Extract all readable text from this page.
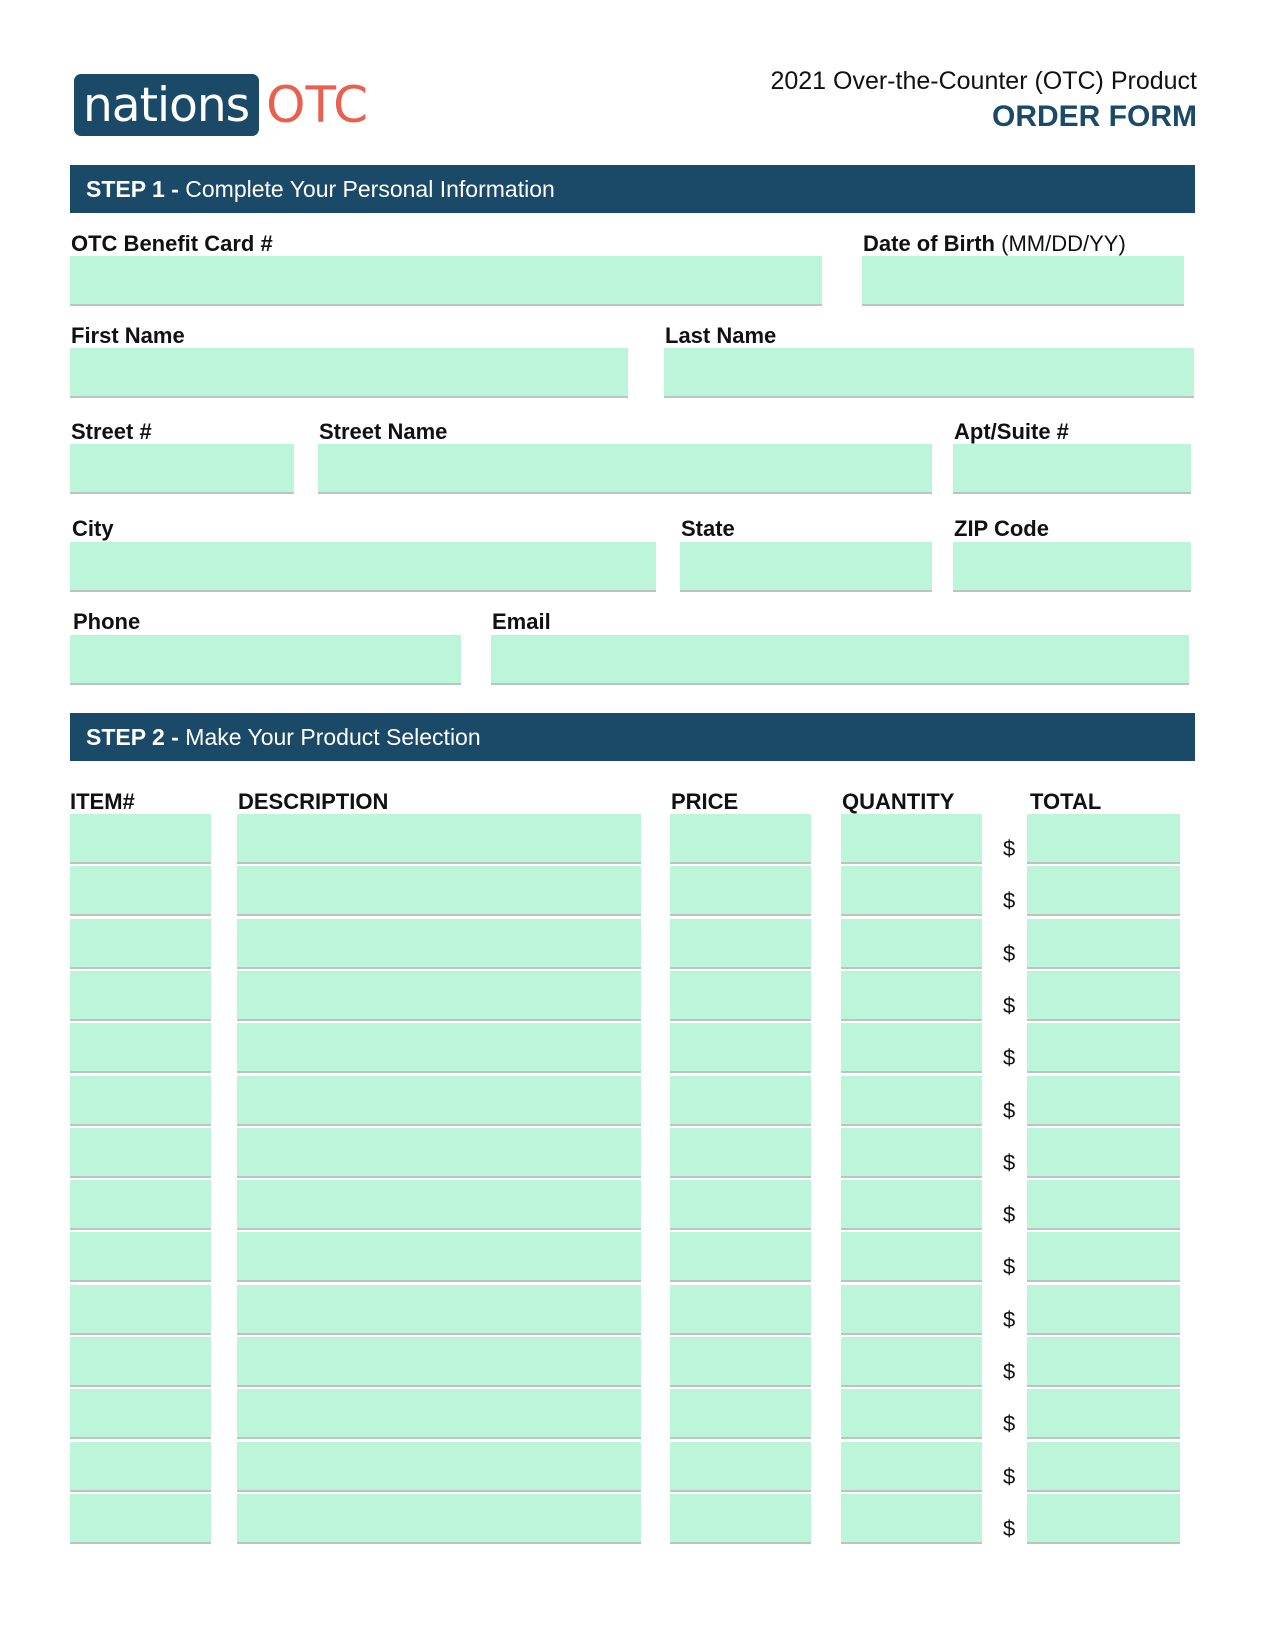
nations OTC	2021 Over-the-Counter (OTC) Product
ORDER FORM
STEP 1 - Complete Your Personal Information
OTC Benefit Card #	Date of Birth (MM/DD/YY)
First Name	Last Name
Street #	Street Name	Apt/Suite #
City	State	ZIP Code
Phone	Email
STEP 2 - Make Your Product Selection
ITEM#	DESCRIPTION	PRICE	QUANTITY	TOTAL
$
$
$
$
$
$
$
$
$
$
$
$
$
$
